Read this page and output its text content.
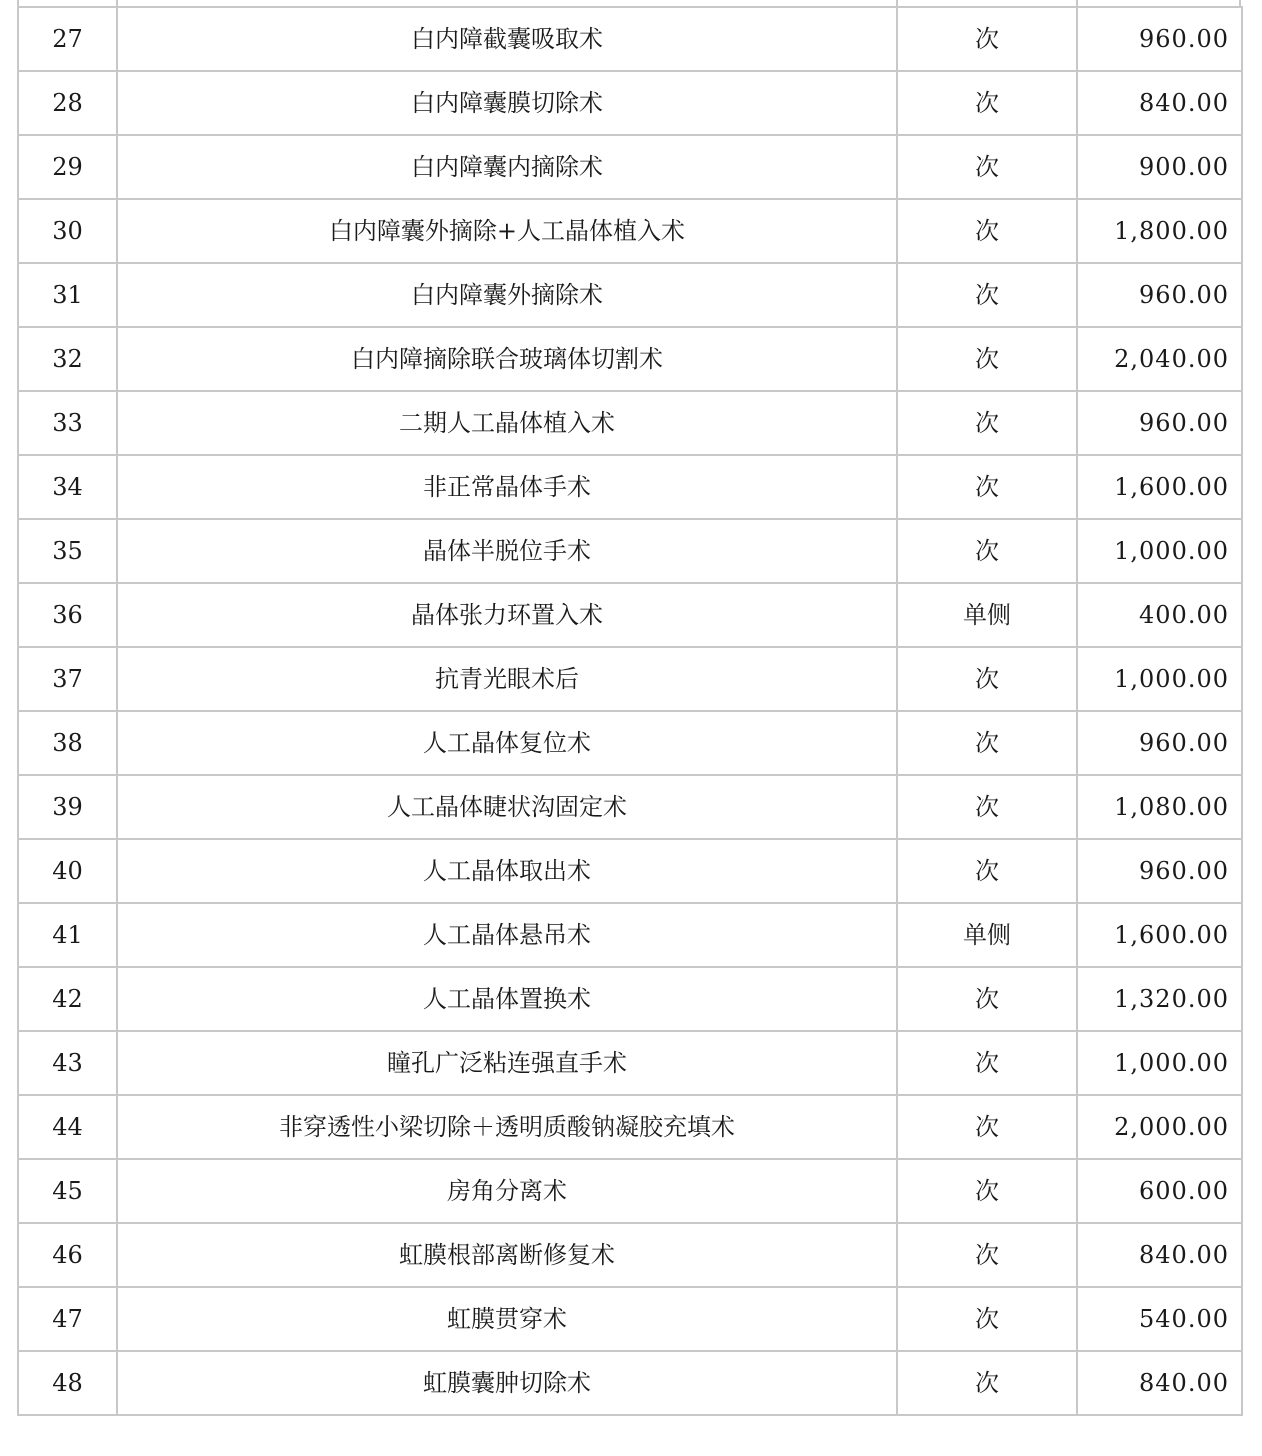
27	白内障截囊吸取术	次	960.00
28	白内障囊膜切除术	次	840.00
29	白内障囊内摘除术	次	900.00
30	白内障囊外摘除+人工晶体植入术	次	1,800.00
31	白内障囊外摘除术	次	960.00
32	白内障摘除联合玻璃体切割术	次	2,040.00
33	二期人工晶体植入术	次	960.00
34	非正常晶体手术	次	1,600.00
35	晶体半脱位手术	次	1,000.00
36	晶体张力环置入术	单侧	400.00
37	抗青光眼术后	次	1,000.00
38	人工晶体复位术	次	960.00
39	人工晶体睫状沟固定术	次	1,080.00
40	人工晶体取出术	次	960.00
41	人工晶体悬吊术	单侧	1,600.00
42	人工晶体置换术	次	1,320.00
43	瞳孔广泛粘连强直手术	次	1,000.00
44	非穿透性小梁切除＋透明质酸钠凝胶充填术	次	2,000.00
45	房角分离术	次	600.00
46	虹膜根部离断修复术	次	840.00
47	虹膜贯穿术	次	540.00
48	虹膜囊肿切除术	次	840.00
